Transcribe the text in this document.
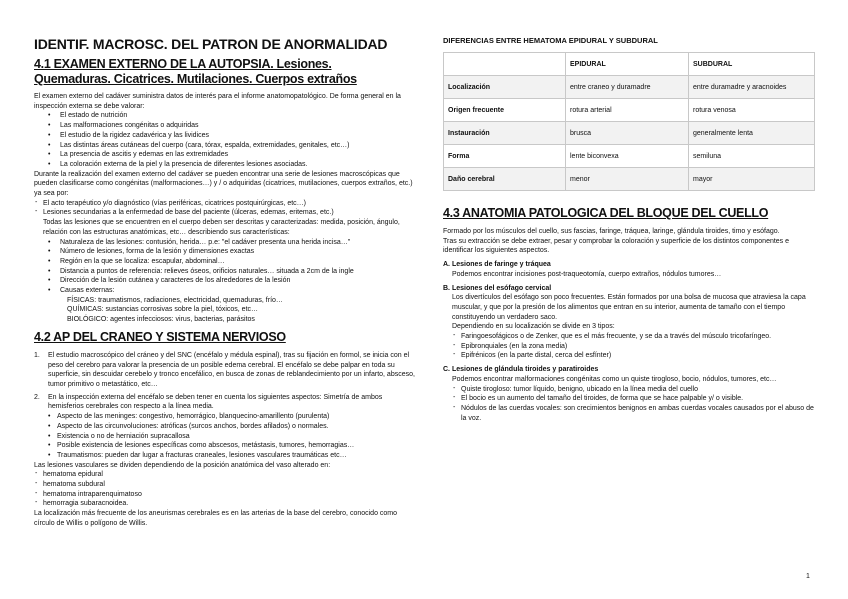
IDENTIF. MACROSC. DEL PATRON DE ANORMALIDAD
4.1 EXAMEN EXTERNO DE LA AUTOPSIA. Lesiones.
Quemaduras. Cicatrices. Mutilaciones. Cuerpos extraños

El examen externo del cadáver suministra datos de interés para el informe anatomopatológico. De forma general en la inspección externa se debe valorar:

• El estado de nutrición
• Las malformaciones congénitas o adquiridas
• El estudio de la rigidez cadavérica y las lividices
• Las distintas áreas cutáneas del cuerpo (cara, tórax, espalda, extremidades, genitales, etc…)
• La presencia de ascitis y edemas en las extremidades
• La coloración externa de la piel y la presencia de diferentes lesiones asociadas.

Durante la realización del examen externo del cadáver se pueden encontrar una serie de lesiones macroscópicas que pueden clasificarse como congénitas (malformaciones…) y / o adquiridas (cicatrices, mutilaciones, cuerpos extraños, etc.) ya sea por:

- El acto terapéutico y/o diagnóstico (vías periféricas, cicatrices postquirúrgicas, etc…)
- Lesiones secundarias a la enfermedad de base del paciente (úlceras, edemas, eritemas, etc.)
Todas las lesiones que se encuentren en el cuerpo deben ser descritas y caracterizadas: medida, posición, ángulo, relación con las estructuras anatómicas, etc… describiendo sus características:
• Naturaleza de las lesiones: contusión, herida… p.e: "el cadáver presenta una herida incisa…"
• Número de lesiones, forma de la lesión y dimensiones exactas
• Región en la que se localiza: escapular, abdominal…
• Distancia a puntos de referencia: relieves óseos, orificios naturales… situada a 2cm de la ingle
• Dirección de la lesión cutánea y caracteres de los alrededores de la lesión
• Causas externas:

FÍSICAS: traumatismos, radiaciones, electricidad, quemaduras, frío…

QUÍMICAS: sustancias corrosivas sobre la piel, tóxicos, etc…

BIOLÓGICO: agentes infecciosos: virus, bacterias, parásitos

4.2 AP DEL CRANEO Y SISTEMA NERVIOSO
1. El estudio macroscópico del cráneo y del SNC (encéfalo y médula espinal), tras su fijación en formol, se inicia con el peso del cerebro para valorar la presencia de un posible edema cerebral. El encéfalo se debe palpar en toda su superficie, sin descuidar cerebelo y tronco encefálico, en busca de zonas de reblandecimiento por un infarto, absceso, tumor primitivo o metastático, etc…
2. En la inspección externa del encéfalo se deben tener en cuenta los siguientes aspectos: Simetría de ambos hemisferios cerebrales con respecto a la línea media.
• Aspecto de las meninges: congestivo, hemorrágico, blanquecino-amarillento (purulenta)
• Aspecto de las circunvoluciones: atróficas (surcos anchos, bordes afilados) o normales.
• Existencia o no de herniación supracallosa
• Posible existencia de lesiones específicas como abscesos, metástasis, tumores, hemorragias…
• Traumatismos: pueden dar lugar a fracturas craneales, lesiones vasculares traumáticas etc…

Las lesiones vasculares se dividen dependiendo de la posición anatómica del vaso alterado en:

- hematoma epidural
- hematoma subdural
- hematoma intraparenquimatoso
- hemorragia subaracnoidea.

La localización más frecuente de los aneurismas cerebrales es en las arterias de la base del cerebro, conocido como círculo de Willis o polígono de Willis.

DIFERENCIAS ENTRE HEMATOMA EPIDURAL Y SUBDURAL

	EPIDURAL	SUBDURAL
Localización	entre craneo y duramadre	entre duramadre y aracnoides
Origen frecuente	rotura arterial	rotura venosa
Instauración	brusca	generalmente lenta
Forma	lente biconvexa	semiluna
Daño cerebral	menor	mayor
4.3 ANATOMIA PATOLOGICA DEL BLOQUE DEL CUELLO

Formado por los músculos del cuello, sus fascias, faringe, tráquea, laringe, glándula tiroides, timo y esófago.

Tras su extracción se debe extraer, pesar y comprobar la coloración y superficie de los distintos componentes e identificar los siguientes aspectos.

A. Lesiones de faringe y tráquea

Podemos encontrar incisiones post-traqueotomía, cuerpo extraños, nódulos tumores…

B. Lesiones del esófago cervical

Los divertículos del esófago son poco frecuentes. Están formados por una bolsa de mucosa que atraviesa la capa muscular, y que por la presión de los alimentos que entran en su interior, aumenta de tamaño con el tiempo constituyendo un verdadero saco.

Dependiendo en su localización se divide en 3 tipos:

- Faringoesofágicos o de Zenker, que es el más frecuente, y se da a través del músculo tricofaríngeo.
- Epibronquiales (en la zona media)
- Epifrénicos (en la parte distal, cerca del esfínter)
C. Lesiones de glándula tiroides y paratiroides

Podemos encontrar malformaciones congénitas como un quiste tirogloso, bocio, nódulos, tumores, etc…

- Quiste tirogloso: tumor líquido, benigno, ubicado en la línea media del cuello
- El bocio es un aumento del tamaño del tiroides, de forma que se hace palpable y/ o visible.
- Nódulos de las cuerdas vocales: son crecimientos benignos en ambas cuerdas vocales causados por el abuso de la voz.
1
